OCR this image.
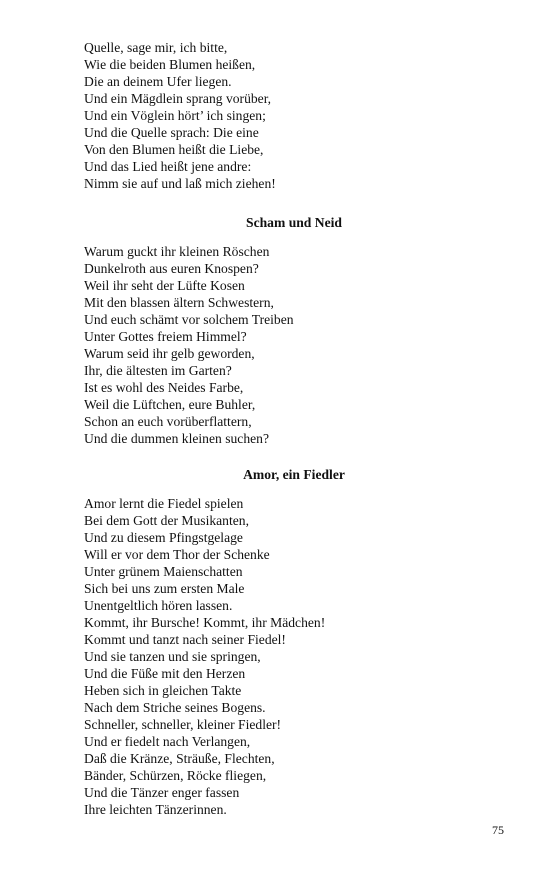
Quelle, sage mir, ich bitte,
Wie die beiden Blumen heißen,
Die an deinem Ufer liegen.
Und ein Mägdlein sprang vorüber,
Und ein Vöglein hört’ ich singen;
Und die Quelle sprach: Die eine
Von den Blumen heißt die Liebe,
Und das Lied heißt jene andre:
Nimm sie auf und laß mich ziehen!
Scham und Neid
Warum guckt ihr kleinen Röschen
Dunkelroth aus euren Knospen?
Weil ihr seht der Lüfte Kosen
Mit den blassen ältern Schwestern,
Und euch schämt vor solchem Treiben
Unter Gottes freiem Himmel?
Warum seid ihr gelb geworden,
Ihr, die ältesten im Garten?
Ist es wohl des Neides Farbe,
Weil die Lüftchen, eure Buhler,
Schon an euch vorüberflattern,
Und die dummen kleinen suchen?
Amor, ein Fiedler
Amor lernt die Fiedel spielen
Bei dem Gott der Musikanten,
Und zu diesem Pfingstgelage
Will er vor dem Thor der Schenke
Unter grünem Maienschatten
Sich bei uns zum ersten Male
Unentgeltlich hören lassen.
Kommt, ihr Bursche! Kommt, ihr Mädchen!
Kommt und tanzt nach seiner Fiedel!
Und sie tanzen und sie springen,
Und die Füße mit den Herzen
Heben sich in gleichen Takte
Nach dem Striche seines Bogens.
Schneller, schneller, kleiner Fiedler!
Und er fiedelt nach Verlangen,
Daß die Kränze, Sträuße, Flechten,
Bänder, Schürzen, Röcke fliegen,
Und die Tänzer enger fassen
Ihre leichten Tänzerinnen.
75
